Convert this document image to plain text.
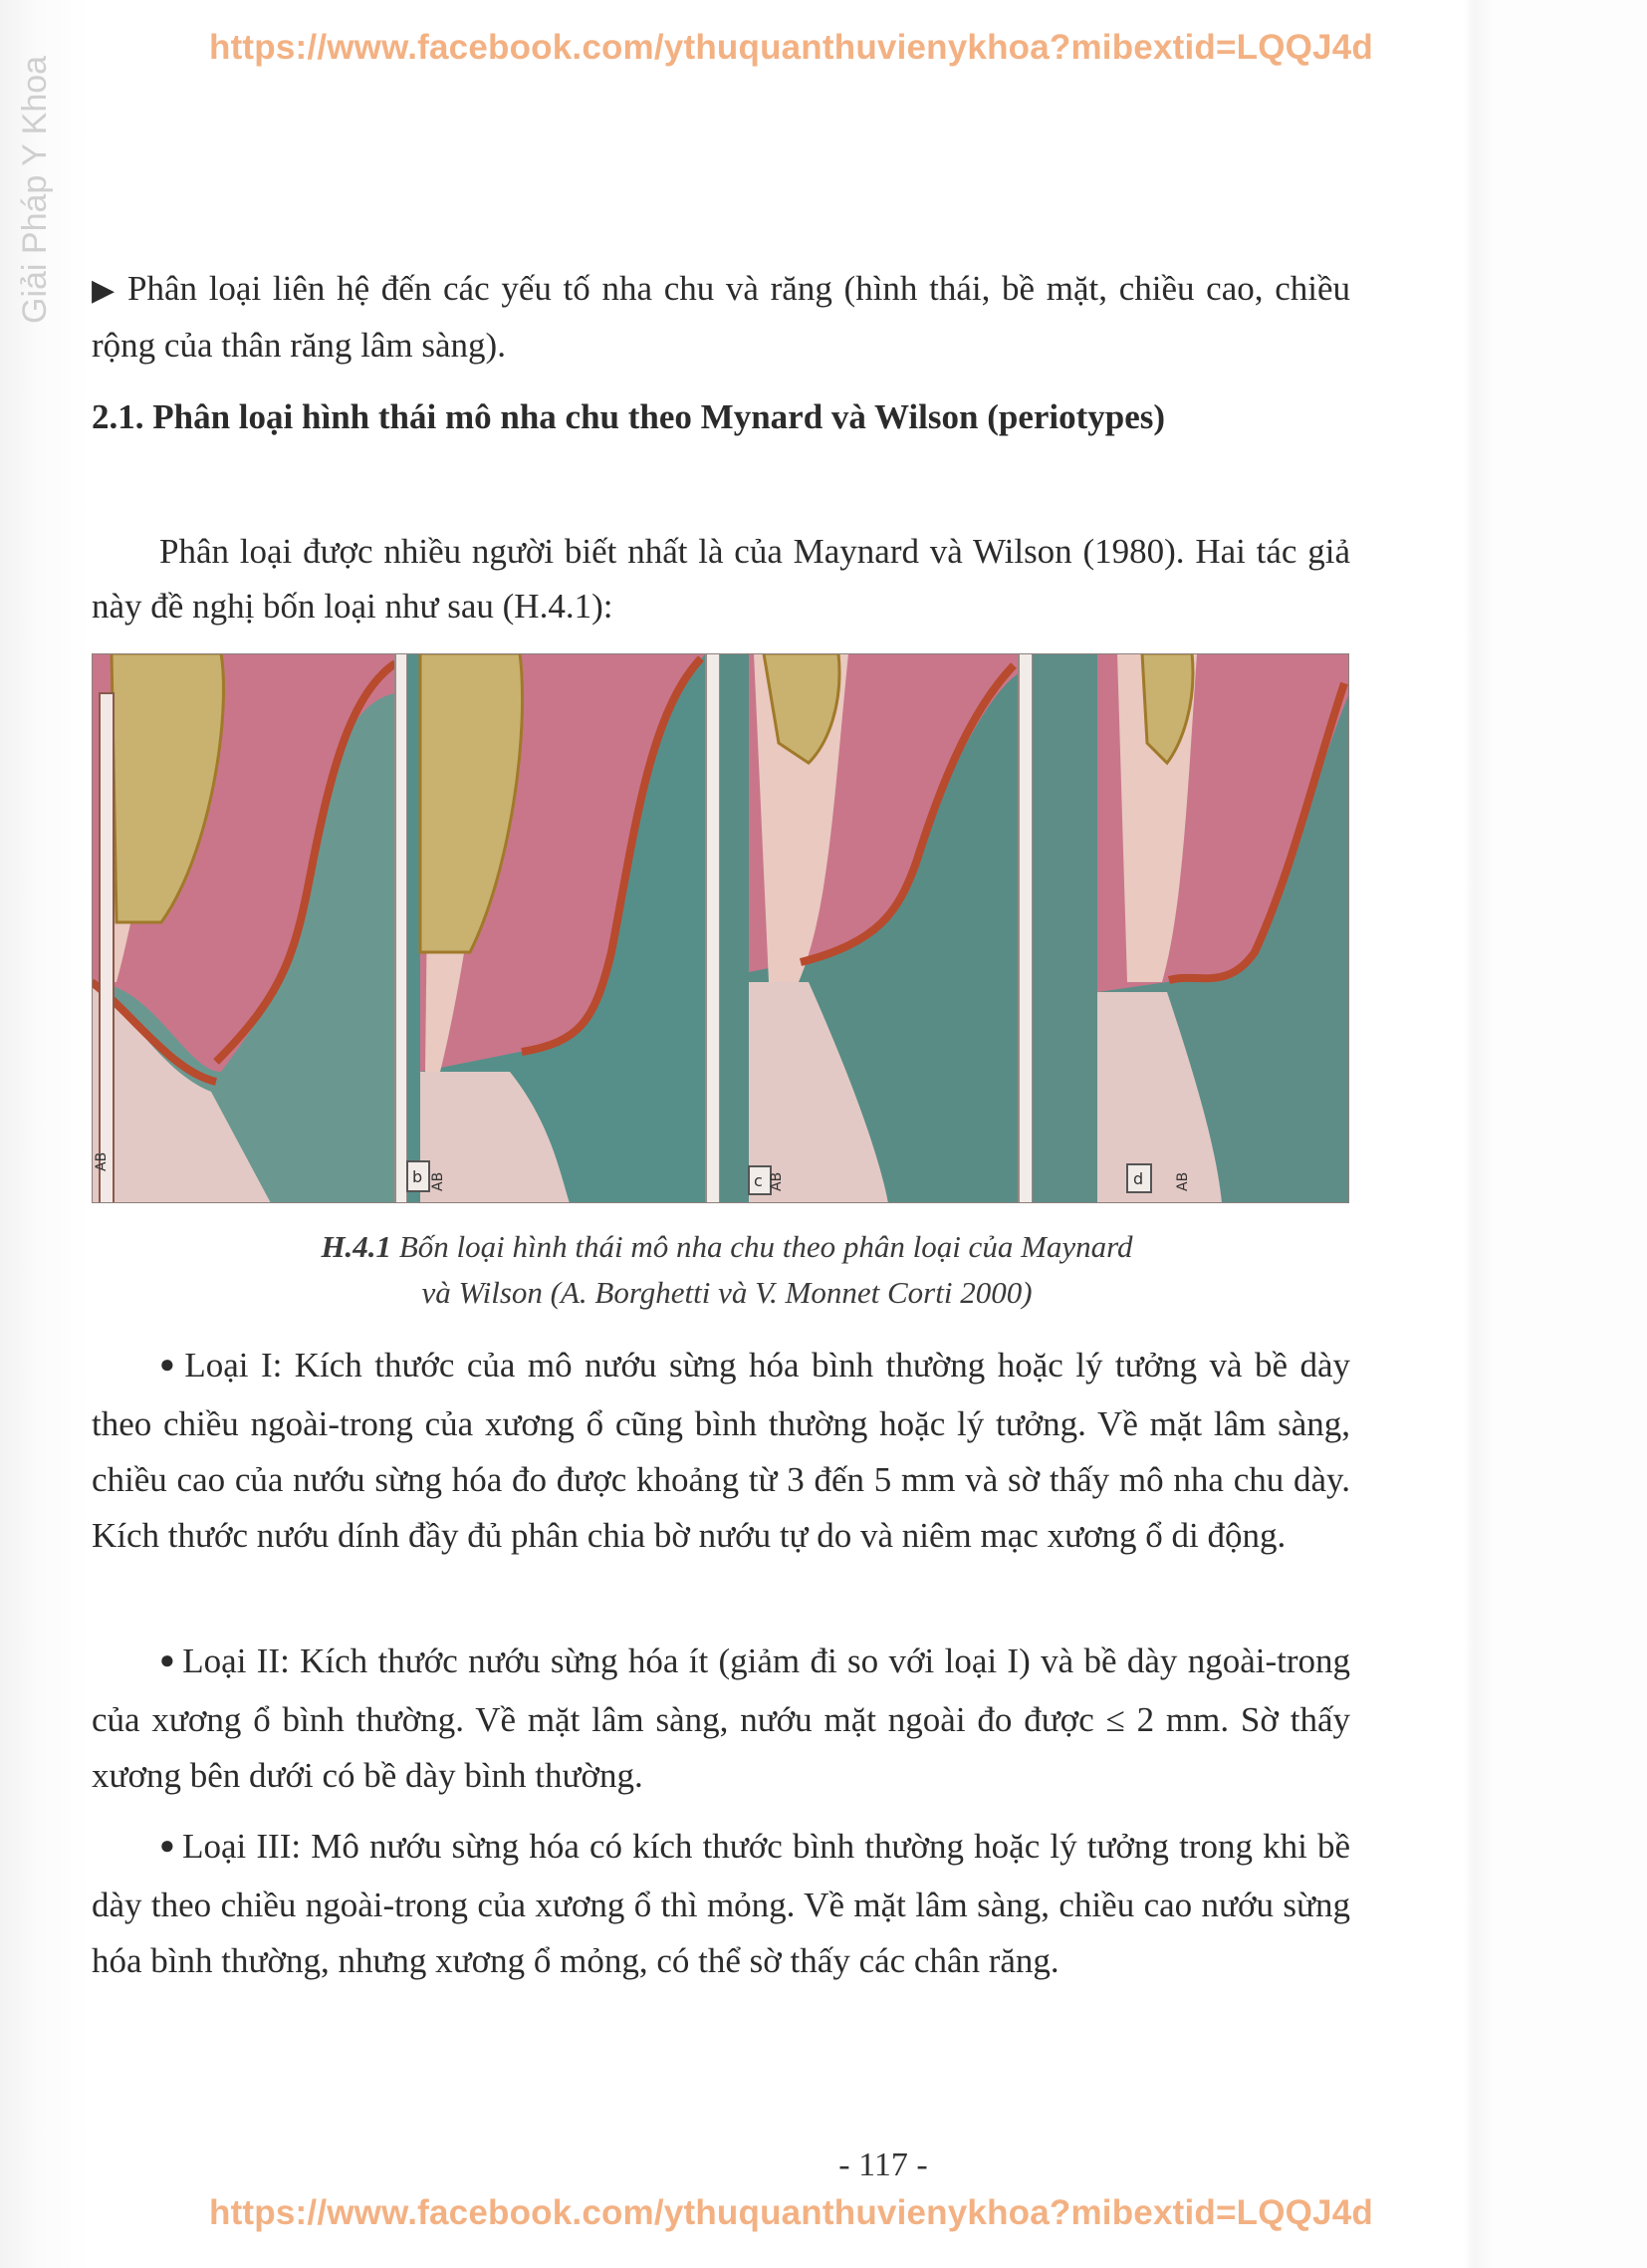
https://www.facebook.com/ythuquanthuvienykhoa?mibextid=LQQJ4d
Giải Pháp Y Khoa ▶ Phân loại liên hệ đến các yếu tố nha chu và răng (hình thái, bề mặt, chiều cao, chiều rộng của thân răng lâm sàng).
2.1. Phân loại hình thái mô nha chu theo Mynard và Wilson (periotypes)
Phân loại được nhiều người biết nhất là của Maynard và Wilson (1980). Hai tác giả này đề nghị bốn loại như sau (H.4.1):
AB
b AB	c AB	d AB
H.4.1 Bốn loại hình thái mô nha chu theo phân loại của Maynard
và Wilson (A. Borghetti và V. Monnet Corti 2000)
● Loại I: Kích thước của mô nướu sừng hóa bình thường hoặc lý tưởng và bề dày theo chiều ngoài-trong của xương ổ cũng bình thường hoặc lý tưởng. Về mặt lâm sàng, chiều cao của nướu sừng hóa đo được khoảng từ 3 đến 5 mm và sờ thấy mô nha chu dày. Kích thước nướu dính đầy đủ phân chia bờ nướu tự do và niêm mạc xương ổ di động.
● Loại II: Kích thước nướu sừng hóa ít (giảm đi so với loại I) và bề dày ngoài-trong của xương ổ bình thường. Về mặt lâm sàng, nướu mặt ngoài đo được ≤ 2 mm. Sờ thấy xương bên dưới có bề dày bình thường.
● Loại III: Mô nướu sừng hóa có kích thước bình thường hoặc lý tưởng trong khi bề dày theo chiều ngoài-trong của xương ổ thì mỏng. Về mặt lâm sàng, chiều cao nướu sừng hóa bình thường, nhưng xương ổ mỏng, có thể sờ thấy các chân răng.
- 117 -
https://www.facebook.com/ythuquanthuvienykhoa?mibextid=LQQJ4d
